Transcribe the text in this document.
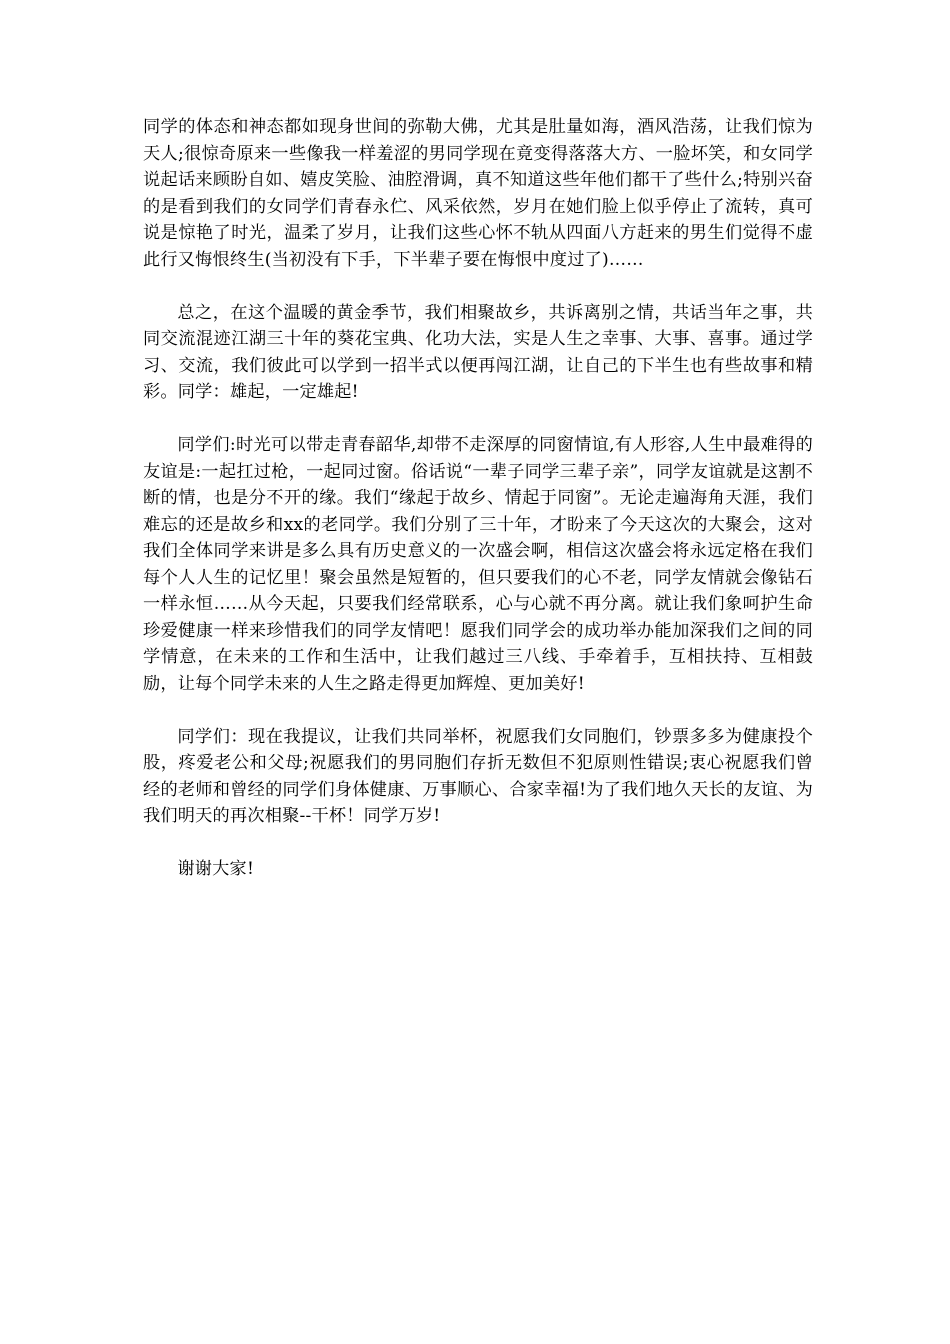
同学的体态和神态都如现身世间的弥勒大佛，尤其是肚量如海，酒风浩荡，让我们惊为天人;很惊奇原来一些像我一样羞涩的男同学现在竟变得落落大方、一脸坏笑，和女同学说起话来顾盼自如、嬉皮笑脸、油腔滑调，真不知道这些年他们都干了些什么;特别兴奋的是看到我们的女同学们青春永伫、风采依然，岁月在她们脸上似乎停止了流转，真可说是惊艳了时光，温柔了岁月，让我们这些心怀不轨从四面八方赶来的男生们觉得不虚此行又悔恨终生(当初没有下手，下半辈子要在悔恨中度过了)……

总之，在这个温暖的黄金季节，我们相聚故乡，共诉离别之情，共话当年之事，共同交流混迹江湖三十年的葵花宝典、化功大法，实是人生之幸事、大事、喜事。通过学习、交流，我们彼此可以学到一招半式以便再闯江湖，让自己的下半生也有些故事和精彩。同学：雄起，一定雄起!

同学们:时光可以带走青春韶华,却带不走深厚的同窗情谊,有人形容,人生中最难得的友谊是:一起扛过枪，一起同过窗。俗话说“一辈子同学三辈子亲”，同学友谊就是这割不断的情，也是分不开的缘。我们“缘起于故乡、情起于同窗”。无论走遍海角天涯，我们难忘的还是故乡和xx的老同学。我们分别了三十年，才盼来了今天这次的大聚会，这对我们全体同学来讲是多么具有历史意义的一次盛会啊，相信这次盛会将永远定格在我们每个人人生的记忆里！聚会虽然是短暂的，但只要我们的心不老，同学友情就会像钻石一样永恒……从今天起，只要我们经常联系，心与心就不再分离。就让我们象呵护生命珍爱健康一样来珍惜我们的同学友情吧！愿我们同学会的成功举办能加深我们之间的同学情意，在未来的工作和生活中，让我们越过三八线、手牵着手，互相扶持、互相鼓励，让每个同学未来的人生之路走得更加辉煌、更加美好!

同学们：现在我提议，让我们共同举杯，祝愿我们女同胞们，钞票多多为健康投个股，疼爱老公和父母;祝愿我们的男同胞们存折无数但不犯原则性错误;衷心祝愿我们曾经的老师和曾经的同学们身体健康、万事顺心、合家幸福!为了我们地久天长的友谊、为我们明天的再次相聚--干杯！同学万岁!

谢谢大家!
